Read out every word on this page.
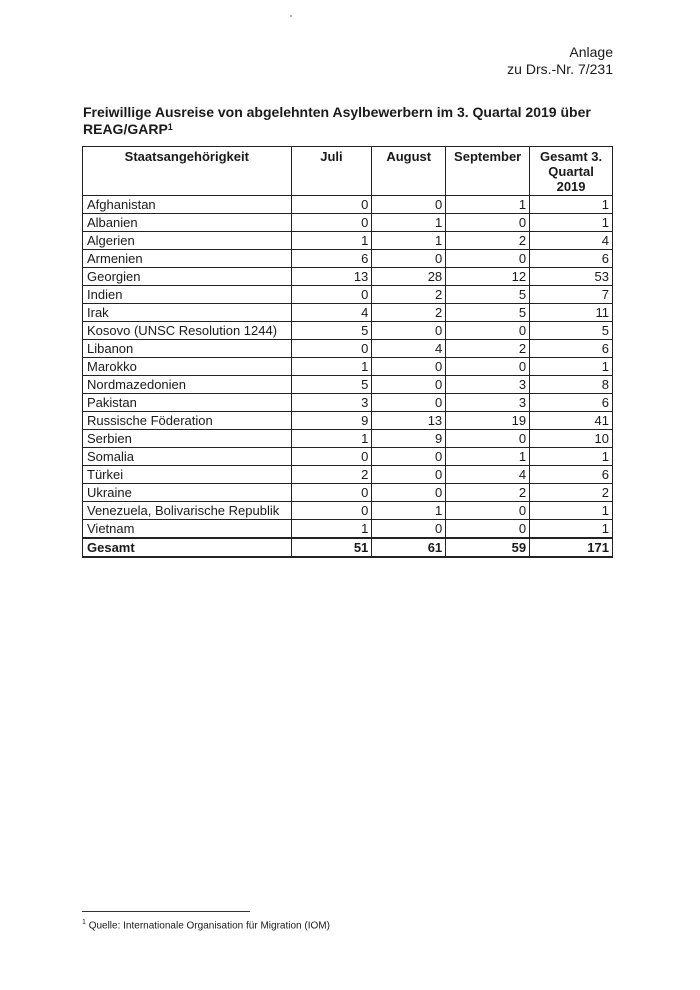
Anlage
zu Drs.-Nr. 7/231
Freiwillige Ausreise von abgelehnten Asylbewerbern im 3. Quartal 2019 über REAG/GARP$^1$
Staatsangehörigkeit	Juli	August	September	Gesamt 3. Quartal 2019
Afghanistan	0	0	1	1
Albanien	0	1	0	1
Algerien	1	1	2	4
Armenien	6	0	0	6
Georgien	13	28	12	53
Indien	0	2	5	7
Irak	4	2	5	11
Kosovo (UNSC Resolution 1244)	5	0	0	5
Libanon	0	4	2	6
Marokko	1	0	0	1
Nordmazedonien	5	0	3	8
Pakistan	3	0	3	6
Russische Föderation	9	13	19	41
Serbien	1	9	0	10
Somalia	0	0	1	1
Türkei	2	0	4	6
Ukraine	0	0	2	2
Venezuela, Bolivarische Republik	0	1	0	1
Vietnam	1	0	0	1
Gesamt	51	61	59	171
$^1$ Quelle: Internationale Organisation für Migration (IOM)
